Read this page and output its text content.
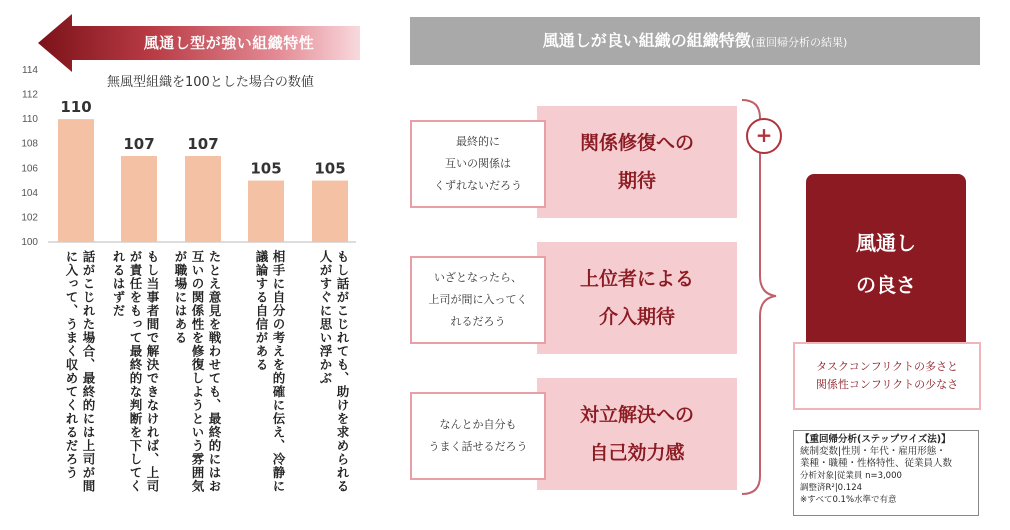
100
102
104
106
108
110
112
114
110
107 107
105 105
無風型組織を100とした場合の数値
風通し型が強い組織特性
話がこじれた場合、最終的には上司が間
に入って、うまく収めてくれるだろう	もし当事者間で解決できなければ、上司
が責任をもって最終的な判断を下してく
れるはずだ	たとえ意見を戦わせても、最終的にはお
互いの関係性を修復しようという雰囲気
が職場にはある	相手に自分の考えを的確に伝え、冷静に
議論する自信がある	もし話がこじれても、助けを求められる
人がすぐに思い浮かぶ
風通しが良い組織の組織特徴(重回帰分析の結果)
関係修復への
期待
最終的に
互いの関係は
くずれないだろう
上位者による
介入期待
いざとなったら、
上司が間に入ってく
れるだろう
対立解決への
自己効力感
なんとか自分も
うまく話せるだろう
+
風通し
の良さ
タスクコンフリクトの多さと
関係性コンフリクトの少なさ
【重回帰分析(ステップワイズ法)】
統制変数|性別・年代・雇用形態・
業種・職種・性格特性、従業員人数
分析対象|従業員 n=3,000
調整済R²|0.124
※すべて0.1%水準で有意
